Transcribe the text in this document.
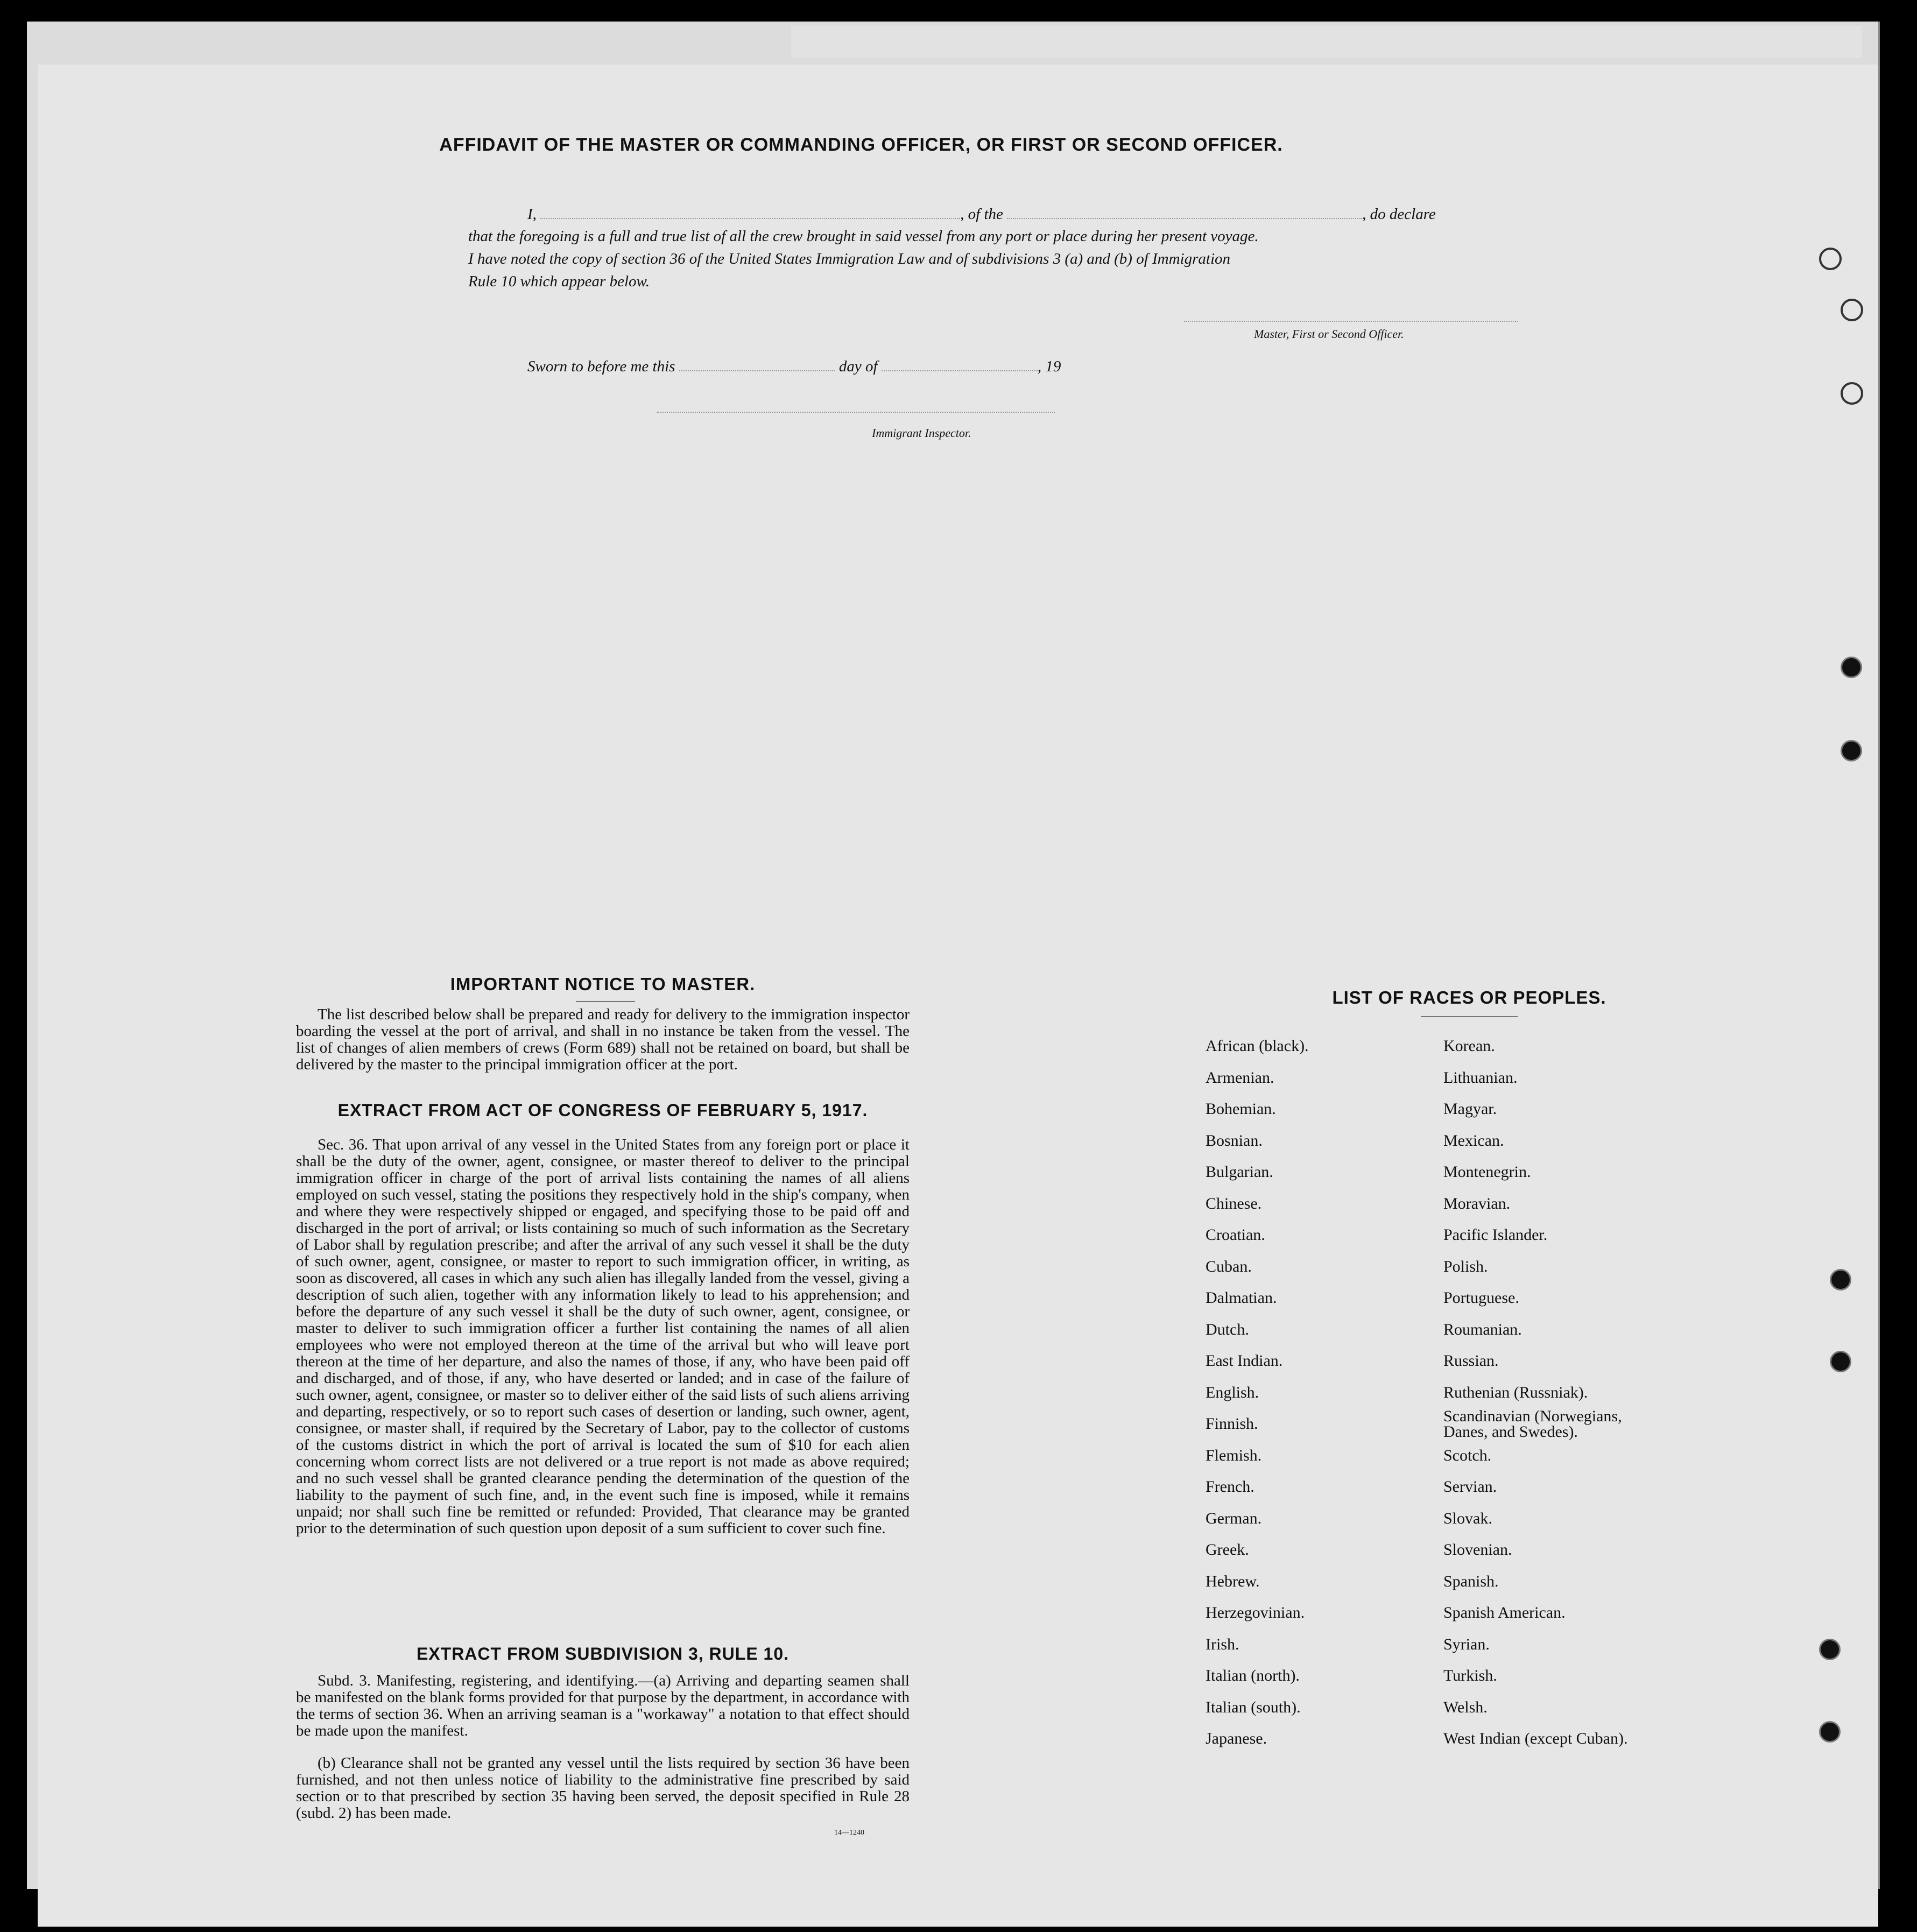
AFFIDAVIT OF THE MASTER OR COMMANDING OFFICER, OR FIRST OR SECOND OFFICER.
I,	, of the	, do declare
that the foregoing is a full and true list of all the crew brought in said vessel from any port or place during her present voyage.
I have noted the copy of section 36 of the United States Immigration Law and of subdivisions 3 (a) and (b) of Immigration
Rule 10 which appear below.
Master, First or Second Officer.
Sworn to before me this	day of	, 19
Immigrant Inspector.
IMPORTANT NOTICE TO MASTER.
The list described below shall be prepared and ready for delivery to the immigration inspector boarding the vessel at the port of arrival, and shall in no instance be taken from the vessel. The list of changes of alien members of crews (Form 689) shall not be retained on board, but shall be delivered by the master to the principal immigration officer at the port.
EXTRACT FROM ACT OF CONGRESS OF FEBRUARY 5, 1917.
Sec. 36. That upon arrival of any vessel in the United States from any foreign port or place it shall be the duty of the owner, agent, consignee, or master thereof to deliver to the principal immigration officer in charge of the port of arrival lists containing the names of all aliens employed on such vessel, stating the positions they respectively hold in the ship's company, when and where they were respectively shipped or engaged, and specifying those to be paid off and discharged in the port of arrival; or lists containing so much of such information as the Secretary of Labor shall by regulation prescribe; and after the arrival of any such vessel it shall be the duty of such owner, agent, consignee, or master to report to such immigration officer, in writing, as soon as discovered, all cases in which any such alien has illegally landed from the vessel, giving a description of such alien, together with any information likely to lead to his apprehension; and before the departure of any such vessel it shall be the duty of such owner, agent, consignee, or master to deliver to such immigration officer a further list containing the names of all alien employees who were not employed thereon at the time of the arrival but who will leave port thereon at the time of her departure, and also the names of those, if any, who have been paid off and discharged, and of those, if any, who have deserted or landed; and in case of the failure of such owner, agent, consignee, or master so to deliver either of the said lists of such aliens arriving and departing, respectively, or so to report such cases of desertion or landing, such owner, agent, consignee, or master shall, if required by the Secretary of Labor, pay to the collector of customs of the customs district in which the port of arrival is located the sum of $10 for each alien concerning whom correct lists are not delivered or a true report is not made as above required; and no such vessel shall be granted clearance pending the determination of the question of the liability to the payment of such fine, and, in the event such fine is imposed, while it remains unpaid; nor shall such fine be remitted or refunded: Provided, That clearance may be granted prior to the determination of such question upon deposit of a sum sufficient to cover such fine.
EXTRACT FROM SUBDIVISION 3, RULE 10.
Subd. 3. Manifesting, registering, and identifying.—(a) Arriving and departing seamen shall be manifested on the blank forms provided for that purpose by the department, in accordance with the terms of section 36. When an arriving seaman is a "workaway" a notation to that effect should be made upon the manifest.
(b) Clearance shall not be granted any vessel until the lists required by section 36 have been furnished, and not then unless notice of liability to the administrative fine prescribed by said section or to that prescribed by section 35 having been served, the deposit specified in Rule 28 (subd. 2) has been made.
14—1240
LIST OF RACES OR PEOPLES.
African (black).
Armenian.
Bohemian.
Bosnian.
Bulgarian.
Chinese.
Croatian.
Cuban.
Dalmatian.
Dutch.
East Indian.
English.
Finnish.
Flemish.
French.
German.
Greek.
Hebrew.
Herzegovinian.
Irish.
Italian (north).
Italian (south).
Japanese.
Korean.
Lithuanian.
Magyar.
Mexican.
Montenegrin.
Moravian.
Pacific Islander.
Polish.
Portuguese.
Roumanian.
Russian.
Ruthenian (Russniak).
Scandinavian (Norwegians, Danes, and Swedes).
Scotch.
Servian.
Slovak.
Slovenian.
Spanish.
Spanish American.
Syrian.
Turkish.
Welsh.
West Indian (except Cuban).
